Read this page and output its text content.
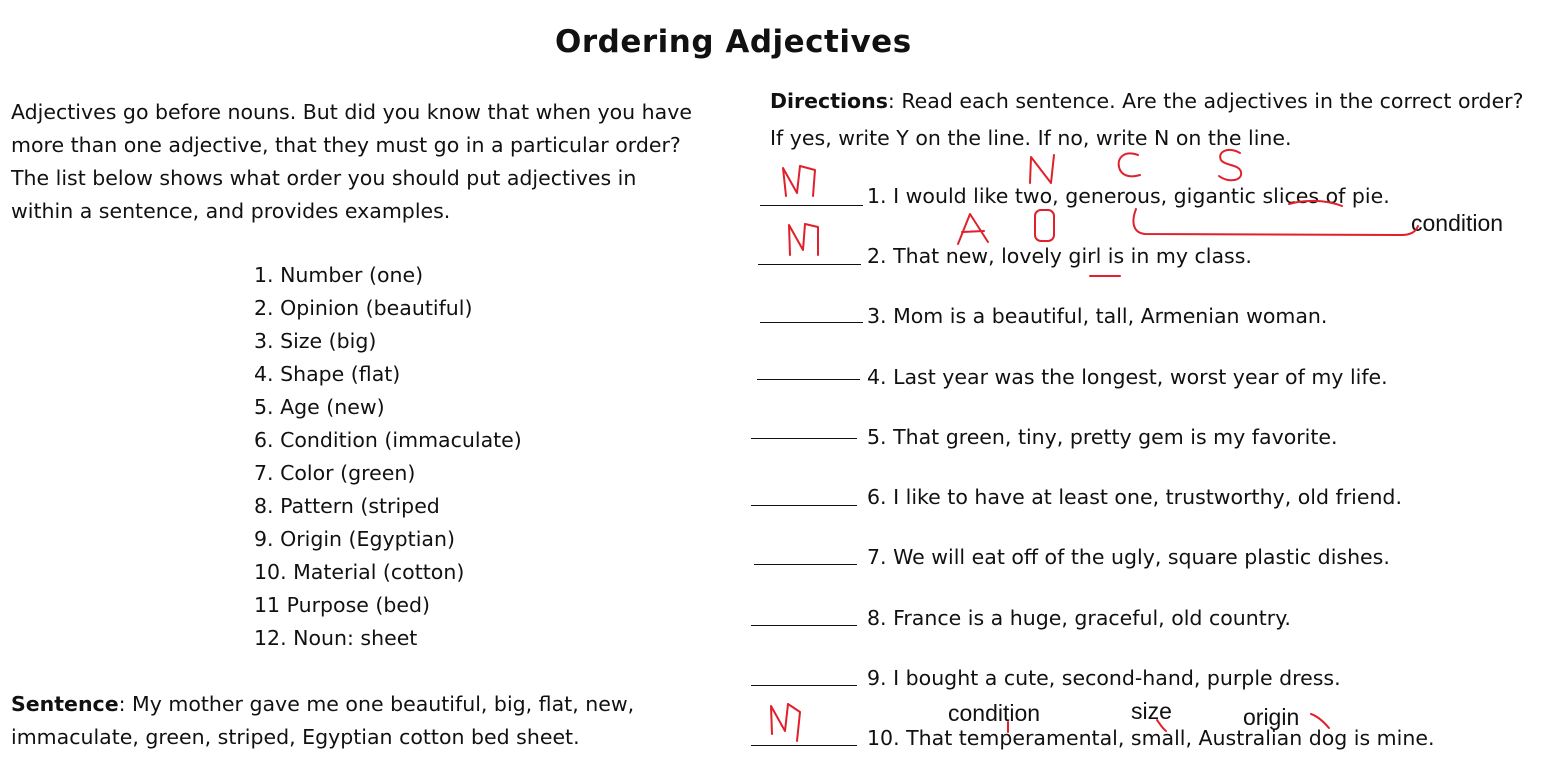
Ordering Adjectives
Adjectives go before nouns. But did you know that when you have
more than one adjective, that they must go in a particular order?
The list below shows what order you should put adjectives in
within a sentence, and provides examples.
1. Number (one)
2. Opinion (beautiful)
3. Size (big)
4. Shape (flat)
5. Age (new)
6. Condition (immaculate)
7. Color (green)
8. Pattern (striped
9. Origin (Egyptian)
10. Material (cotton)
11 Purpose (bed)
12. Noun: sheet
Sentence: My mother gave me one beautiful, big, flat, new,
immaculate, green, striped, Egyptian cotton bed sheet.
Directions: Read each sentence. Are the adjectives in the correct order?
If yes, write Y on the line. If no, write N on the line.
1. I would like two, generous, gigantic slices of pie.
2. That new, lovely girl is in my class.
3. Mom is a beautiful, tall, Armenian woman.
4. Last year was the longest, worst year of my life.
5. That green, tiny, pretty gem is my favorite.
6. I like to have at least one, trustworthy, old friend.
7. We will eat off of the ugly, square plastic dishes.
8. France is a huge, graceful, old country.
9. I bought a cute, second-hand, purple dress.
10. That temperamental, small, Australian dog is mine.
condition
condition	size	origin
